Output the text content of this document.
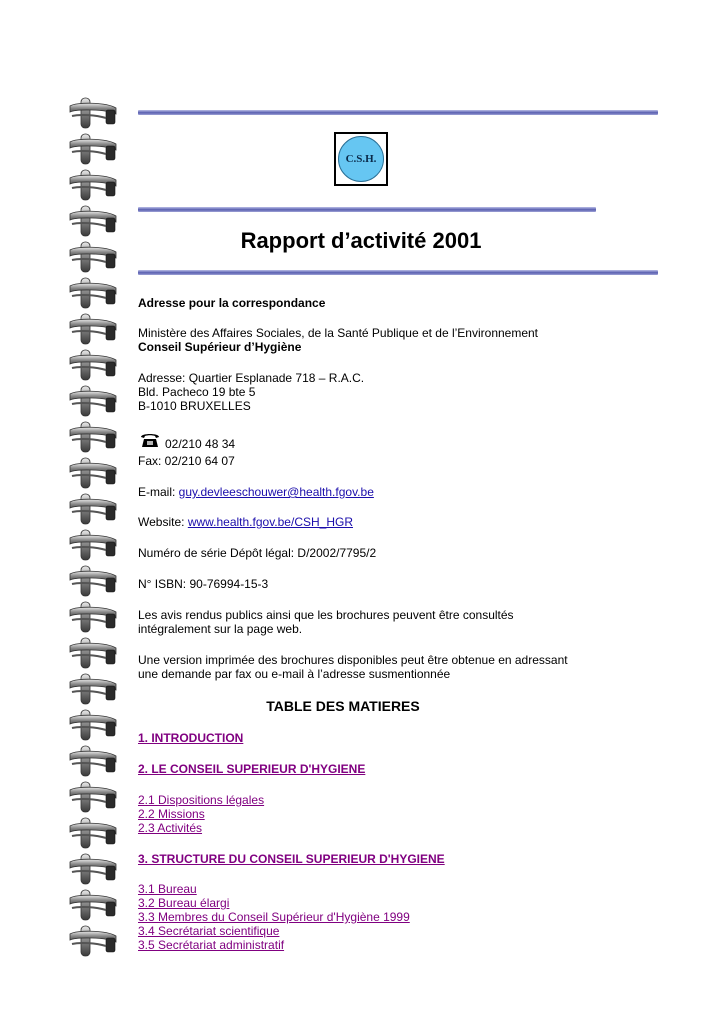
C.S.H.
Rapport d’activité 2001
Adresse pour la correspondance
Ministère des Affaires Sociales, de la Santé Publique et de l’Environnement
Conseil Supérieur d’Hygiène
Adresse: Quartier Esplanade 718 – R.A.C.
Bld. Pacheco 19 bte 5
B-1010 BRUXELLES
02/210 48 34
Fax: 02/210 64 07
E-mail: guy.devleeschouwer@health.fgov.be
Website: www.health.fgov.be/CSH_HGR
Numéro de série Dépôt légal: D/2002/7795/2
N° ISBN: 90-76994-15-3
Les avis rendus publics ainsi que les brochures peuvent être consultés
intégralement sur la page web.
Une version imprimée des brochures disponibles peut être obtenue en adressant
une demande par fax ou e-mail à l’adresse susmentionnée
TABLE DES MATIERES
1. INTRODUCTION
2. LE CONSEIL SUPERIEUR D'HYGIENE
2.1 Dispositions légales
2.2 Missions
2.3 Activités
3. STRUCTURE DU CONSEIL SUPERIEUR D'HYGIENE
3.1 Bureau
3.2 Bureau élargi
3.3 Membres du Conseil Supérieur d'Hygiène 1999
3.4 Secrétariat scientifique
3.5 Secrétariat administratif
